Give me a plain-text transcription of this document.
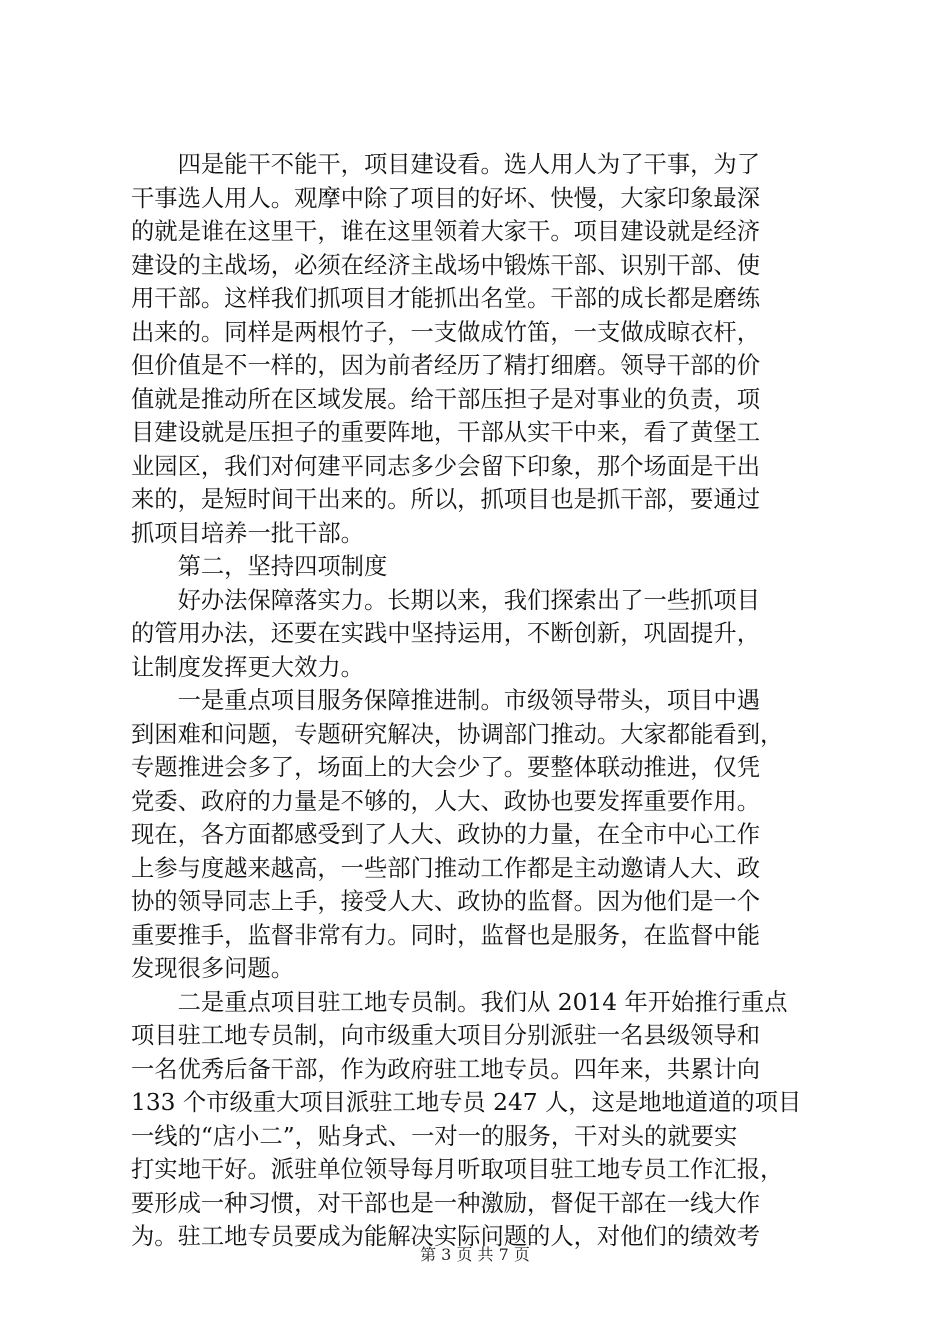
　　四是能干不能干，项目建设看。选人用人为了干事，为了
干事选人用人。观摩中除了项目的好坏、快慢，大家印象最深
的就是谁在这里干，谁在这里领着大家干。项目建设就是经济
建设的主战场，必须在经济主战场中锻炼干部、识别干部、使
用干部。这样我们抓项目才能抓出名堂。干部的成长都是磨练
出来的。同样是两根竹子，一支做成竹笛，一支做成晾衣杆，
但价值是不一样的，因为前者经历了精打细磨。领导干部的价
值就是推动所在区域发展。给干部压担子是对事业的负责，项
目建设就是压担子的重要阵地，干部从实干中来，看了黄堡工
业园区，我们对何建平同志多少会留下印象，那个场面是干出
来的，是短时间干出来的。所以，抓项目也是抓干部，要通过
抓项目培养一批干部。
　　第二，坚持四项制度
　　好办法保障落实力。长期以来，我们探索出了一些抓项目
的管用办法，还要在实践中坚持运用，不断创新，巩固提升，
让制度发挥更大效力。
　　一是重点项目服务保障推进制。市级领导带头，项目中遇
到困难和问题，专题研究解决，协调部门推动。大家都能看到，
专题推进会多了，场面上的大会少了。要整体联动推进，仅凭
党委、政府的力量是不够的，人大、政协也要发挥重要作用。
现在，各方面都感受到了人大、政协的力量，在全市中心工作
上参与度越来越高，一些部门推动工作都是主动邀请人大、政
协的领导同志上手，接受人大、政协的监督。因为他们是一个
重要推手，监督非常有力。同时，监督也是服务，在监督中能
发现很多问题。
　　二是重点项目驻工地专员制。我们从 2014 年开始推行重点
项目驻工地专员制，向市级重大项目分别派驻一名县级领导和
一名优秀后备干部，作为政府驻工地专员。四年来，共累计向
133 个市级重大项目派驻工地专员 247 人，这是地地道道的项目
一线的“店小二”，贴身式、一对一的服务，干对头的就要实
打实地干好。派驻单位领导每月听取项目驻工地专员工作汇报，
要形成一种习惯，对干部也是一种激励，督促干部在一线大作
为。驻工地专员要成为能解决实际问题的人，对他们的绩效考
第 3 页 共 7 页
